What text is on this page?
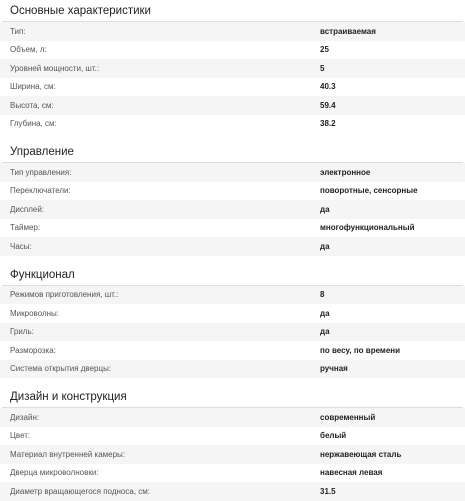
Основные характеристики
Тип:	встраиваемая
Объем, л:	25
Уровней мощности, шт.:	5
Ширина, см:	40.3
Высота, см:	59.4
Глубина, см:	38.2
Управление
Тип управления:	электронное
Переключатели:	поворотные, сенсорные
Дисплей:	да
Таймер:	многофункциональный
Часы:	да
Функционал
Режимов приготовления, шт.:	8
Микроволны:	да
Гриль:	да
Разморозка:	по весу, по времени
Система открытия дверцы:	ручная
Дизайн и конструкция
Дизайн:	современный
Цвет:	белый
Материал внутренней камеры:	нержавеющая сталь
Дверца микроволновки:	навесная левая
Диаметр вращающегося подноса, см:	31.5
